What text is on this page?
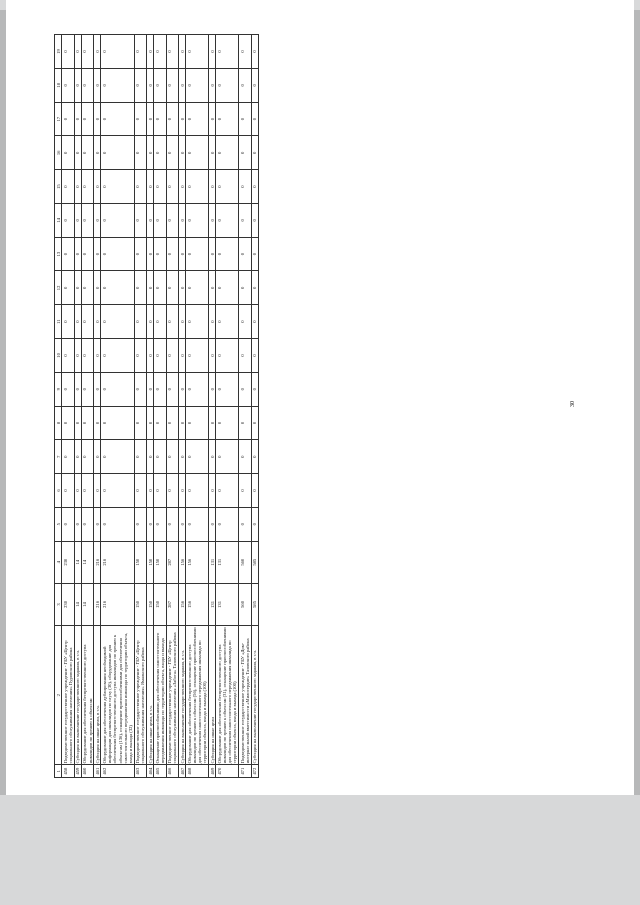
1	2	3	4	5	6	7	8	9	10	11	12	13	14	15	16	17	18	19
458	Подведомственное государственное учреждение - ГБУ «Центр социального обслуживания населения» Пуровского района	230	230	0	0	0	0	0	0	0	0	0	0	0	0	0	0	0
459	Субсидия на выполнение государственного задания, в т.ч.	14	14	0	0	0	0	0	0	0	0	0	0	0	0	0	0	0
460	Оборудование для обеспечения беспрепятственного доступа инвалидов по зрению к объектам	14	14	0	0	0	0	0	0	0	0	0	0	0	0	0	0	0
461	Субсидия на иные цели, в т.ч.	216	216	0	0	0	0	0	0	0	0	0	0	0	0	0	0	0
462	Оборудование для обеспечения дублирования необходимой информации для инвалидов по слуху (30), оборудование для обеспечения беспрепятственного доступа инвалидов по зрению к объектам (136), оснащение приспособлениями для обеспечения самостоятельного передвижения инвалида по территории объекта, входа и выхода (32)	216	216	0	0	0	0	0	0	0	0	0	0	0	0	0	0	0
463	Подведомственное государственное учреждение - ГБУ «Центр социального обслуживания населения» Ямальского района	150	150	0	0	0	0	0	0	0	0	0	0	0	0	0	0	0
464	Субсидия на иные цели, в т.ч.	150	150	0	0	0	0	0	0	0	0	0	0	0	0	0	0	0
465	Оснащение приспособлениями для обеспечения самостоятельного передвижения инвалида по территории объекта, входа и выхода	150	150	0	0	0	0	0	0	0	0	0	0	0	0	0	0	0
466	Подведомственное государственное учреждение - ГБУ «Центр социального обслуживания населения «Забота» Тазовского района	287	287	0	0	0	0	0	0	0	0	0	0	0	0	0	0	0
467	Субсидия на выполнение государственного задания, в т.ч.	156	156	0	0	0	0	0	0	0	0	0	0	0	0	0	0	0
468	Оборудование для обеспечения беспрепятственного доступа инвалидов по зрению к объектам (56), оснащение приспособлениями для обеспечения самостоятельного передвижения инвалида по территории объекта, входа и выхода (100)	156	156	0	0	0	0	0	0	0	0	0	0	0	0	0	0	0
469	Субсидия на иные цели	131	131	0	0	0	0	0	0	0	0	0	0	0	0	0	0	0
470	Оборудование для обеспечения беспрепятственного доступа инвалидов по зрению к объектам (31), оснащение приспособлениями для обеспечения самостоятельного передвижения инвалида по территории объекта, входа и выхода (100)	131	131	0	0	0	0	0	0	0	0	0	0	0	0	0	0	0
471	Подведомственное государственное учреждение - ГБУ «Дом-интернат малой вместимости «Милосердие» Тазовского района	560	560	0	0	0	0	0	0	0	0	0	0	0	0	0	0	0
472	Субсидия на выполнение государственного задания, в т.ч.	585	585	0	0	0	0	0	0	0	0	0	0	0	0	0	0	0
30
